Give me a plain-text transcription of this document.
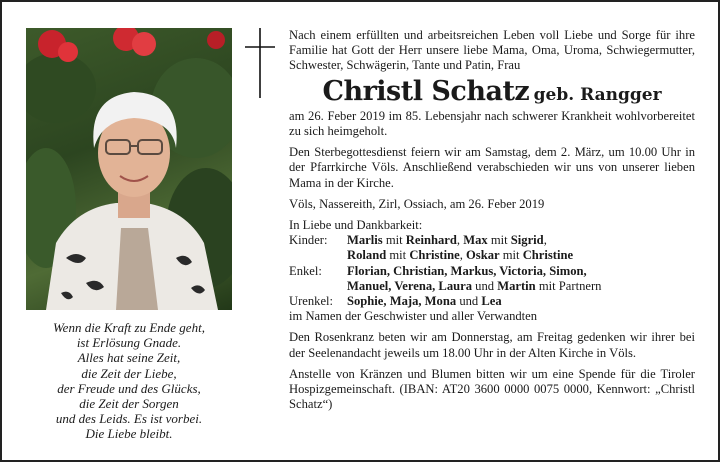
Wenn die Kraft zu Ende geht,
ist Erlösung Gnade.
Alles hat seine Zeit,
die Zeit der Liebe,
der Freude und des Glücks,
die Zeit der Sorgen
und des Leids. Es ist vorbei.
Die Liebe bleibt.

Nach einem erfüllten und arbeitsreichen Leben voll Liebe und Sorge für ihre Familie hat Gott der Herr unsere liebe Mama, Oma, Uroma, Schwiegermutter, Schwester, Schwägerin, Tante und Patin, Frau

Christl Schatz geb. Rangger

am 26. Feber 2019 im 85. Lebensjahr nach schwerer Krankheit wohlvorbereitet zu sich heimgeholt.

Den Sterbegottesdienst feiern wir am Samstag, dem 2. März, um 10.00 Uhr in der Pfarrkirche Völs. Anschließend verabschieden wir uns von unserer lieben Mama in der Kirche.

Völs, Nassereith, Zirl, Ossiach, am 26. Feber 2019

In Liebe und Dankbarkeit:

Kinder:	Marlis mit Reinhard, Max mit Sigrid,
Roland mit Christine, Oskar mit Christine
Enkel:	Florian, Christian, Markus, Victoria, Simon,
Manuel, Verena, Laura und Martin mit Partnern
Urenkel:	Sophie, Maja, Mona und Lea

im Namen der Geschwister und aller Verwandten

Den Rosenkranz beten wir am Donnerstag, am Freitag gedenken wir ihrer bei der Seelenandacht jeweils um 18.00 Uhr in der Alten Kirche in Völs.

Anstelle von Kränzen und Blumen bitten wir um eine Spende für die Tiroler Hospizgemeinschaft. (IBAN: AT20 3600 0000 0075 0000, Kennwort: „Christl Schatz“)
